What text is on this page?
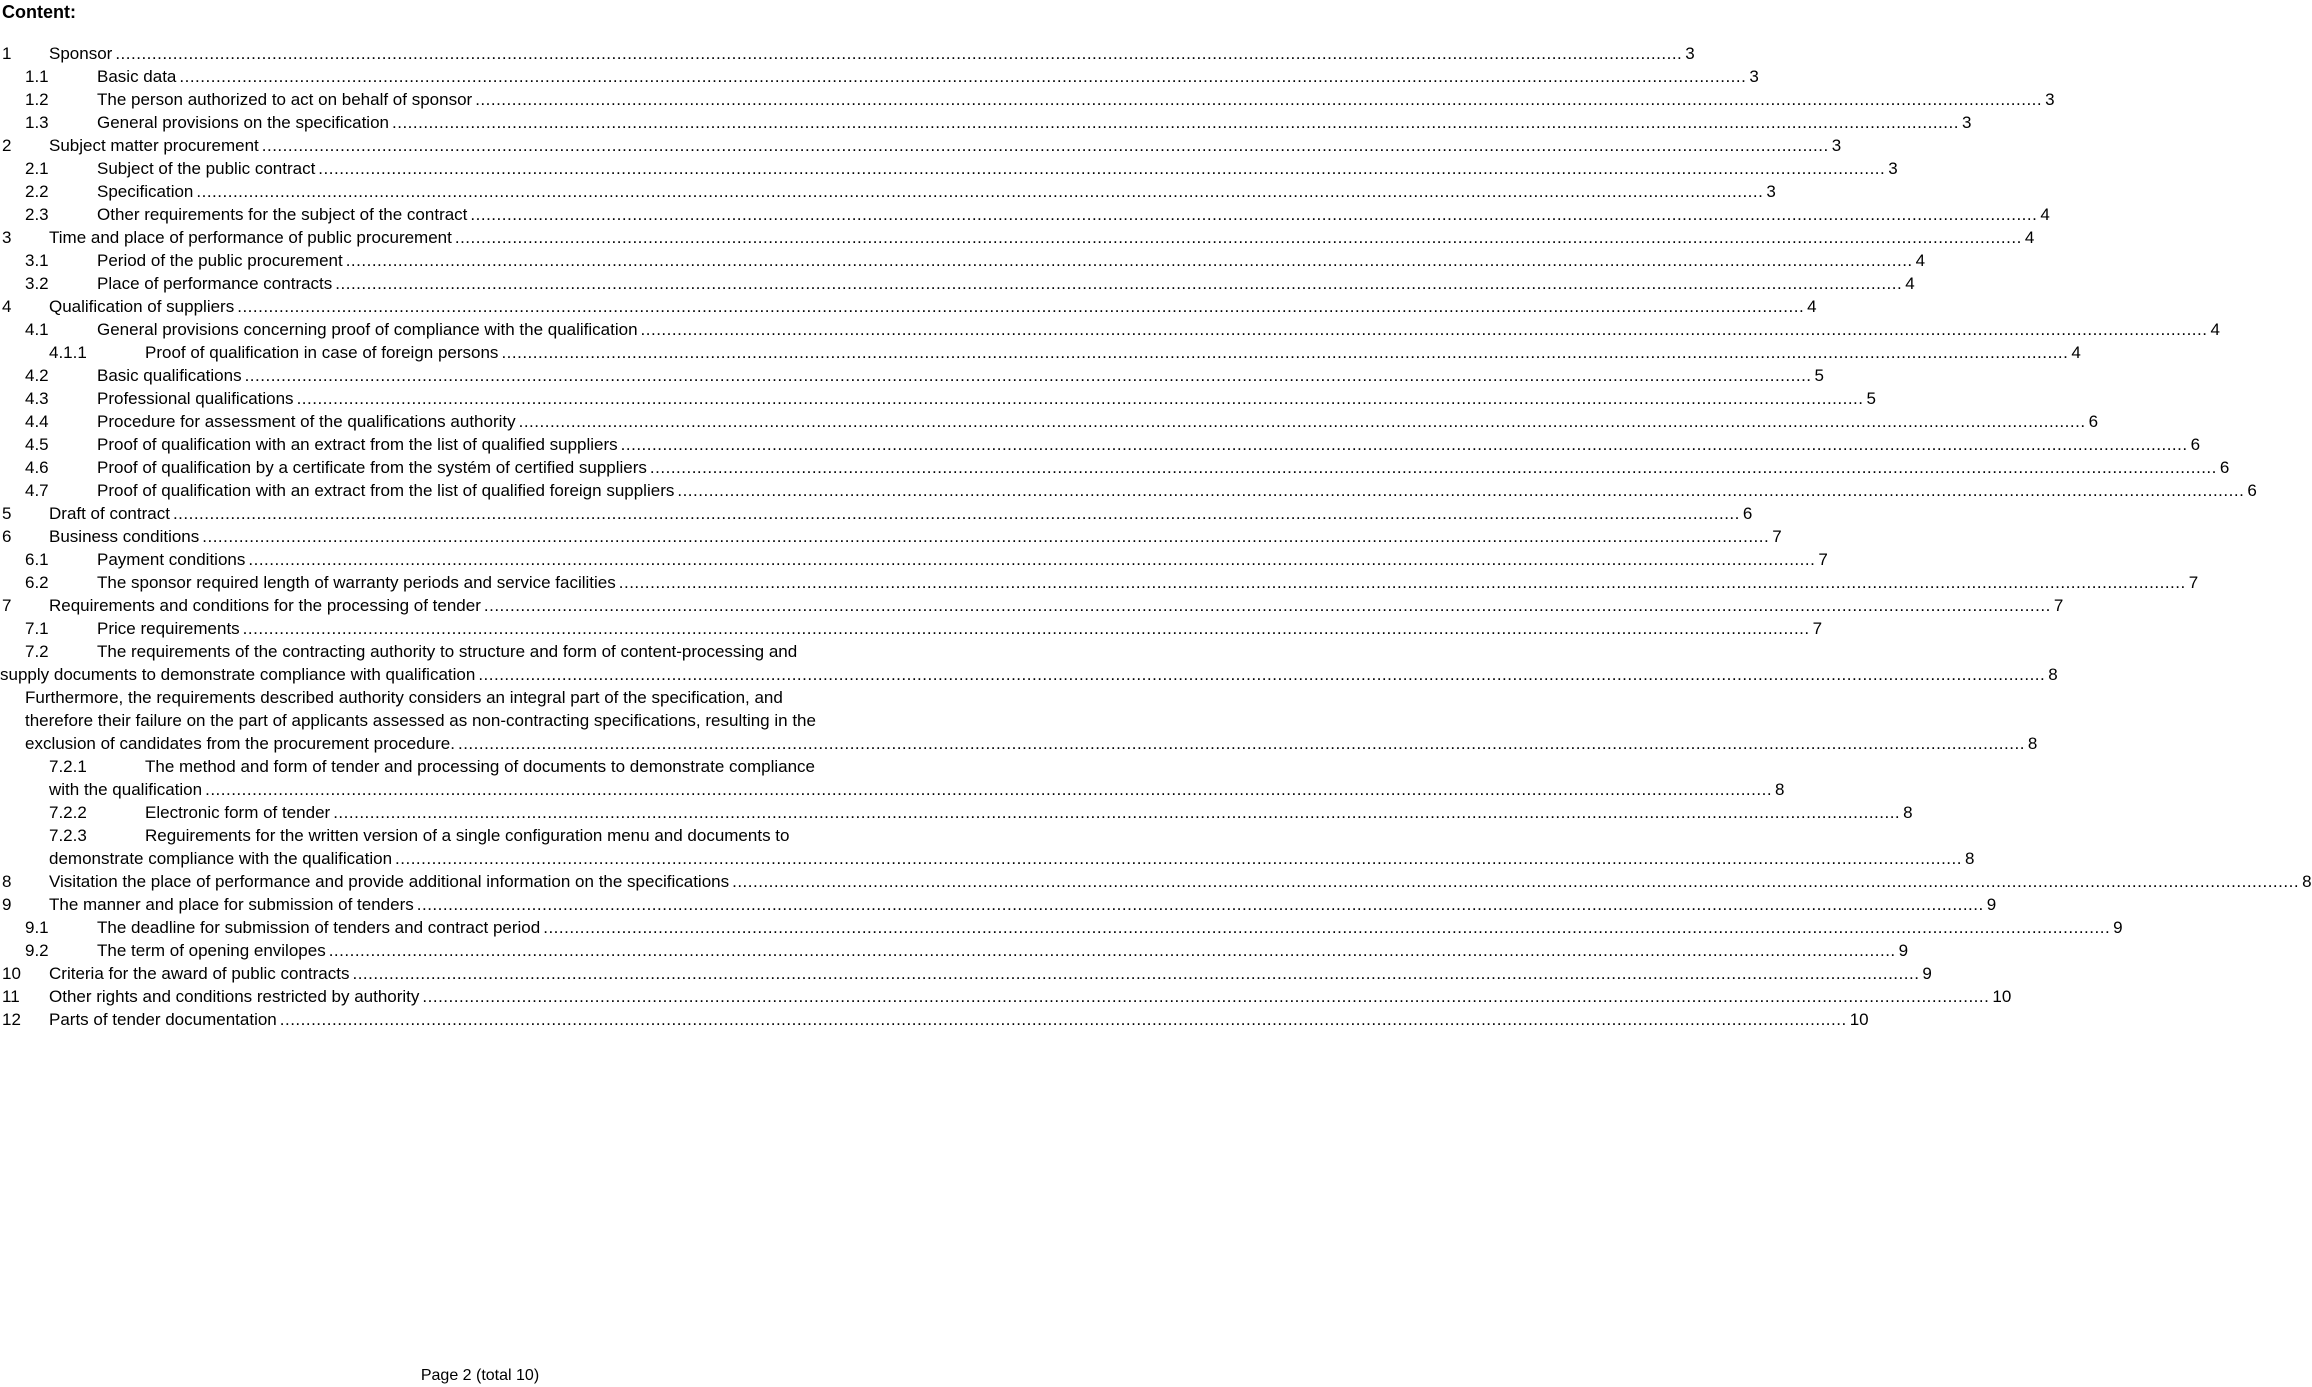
Content:
1	Sponsor .....	3
1.1	Basic data .....	3
1.2	The person authorized to act on behalf of sponsor .....	3
1.3	General provisions on the specification .....	3
2	Subject matter procurement .....	3
2.1	Subject of the public contract .....	3
2.2	Specification .....	3
2.3	Other requirements for the subject of the contract .....	4
3	Time and place of performance of public procurement .....	4
3.1	Period of the public procurement .....	4
3.2	Place of performance contracts .....	4
4	Qualification of suppliers .....	4
4.1	General provisions concerning proof of compliance with the qualification .....	4
4.1.1	Proof of qualification in case of foreign persons .....	4
4.2	Basic qualifications .....	5
4.3	Professional qualifications .....	5
4.4	Procedure for assessment of the qualifications authority .....	6
4.5	Proof of qualification with an extract from the list of qualified suppliers .....	6
4.6	Proof of qualification by a certificate from the systém of certified suppliers .....	6
4.7	Proof of qualification with an extract from the list of qualified foreign suppliers .....	6
5	Draft of contract .....	6
6	Business conditions .....	7
6.1	Payment conditions .....	7
6.2	The sponsor required length of warranty periods and service facilities .....	7
7	Requirements and conditions for the processing of tender .....	7
7.1	Price requirements .....	7
7.2	The requirements of the contracting authority to structure and form of content-processing and
supply documents to demonstrate compliance with qualification .....	8
Furthermore, the requirements described authority considers an integral part of the specification, and
therefore their failure on the part of applicants assessed as non-contracting specifications, resulting in the
exclusion of candidates from the procurement procedure. .....	8
7.2.1	The method and form of tender and processing of documents to demonstrate compliance
with the qualification .....	8
7.2.2	Electronic form of tender .....	8
7.2.3	Reguirements for the written version of a single configuration menu and documents to
demonstrate compliance with the qualification .....	8
8	Visitation the place of performance and provide additional information on the specifications .....	8
9	The manner and place for submission of tenders .....	9
9.1	The deadline for submission of tenders and contract period .....	9
9.2	The term of opening envilopes .....	9
10	Criteria for the award of public contracts .....	9
11	Other rights and conditions restricted by authority .....	10
12	Parts of tender documentation .....	10
Page 2 (total 10)
